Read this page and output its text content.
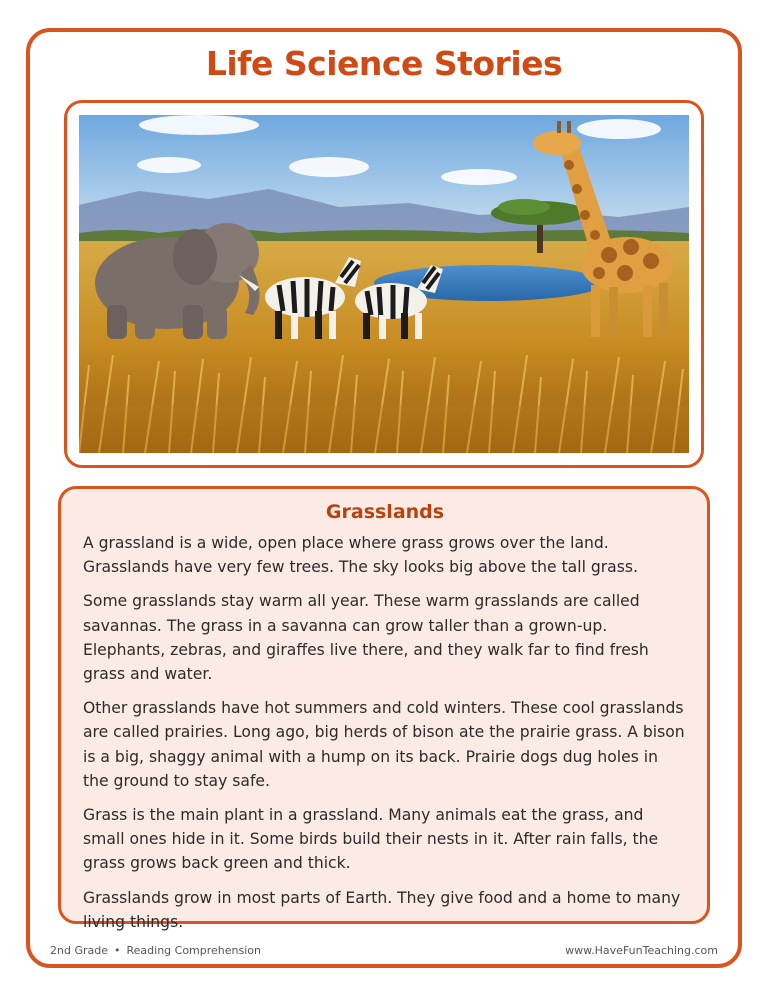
Life Science Stories
Grasslands

A grassland is a wide, open place where grass grows over the land. Grasslands have very few trees. The sky looks big above the tall grass.

Some grasslands stay warm all year. These warm grasslands are called savannas. The grass in a savanna can grow taller than a grown-up. Elephants, zebras, and giraffes live there, and they walk far to find fresh grass and water.

Other grasslands have hot summers and cold winters. These cool grasslands are called prairies. Long ago, big herds of bison ate the prairie grass. A bison is a big, shaggy animal with a hump on its back. Prairie dogs dug holes in the ground to stay safe.

Grass is the main plant in a grassland. Many animals eat the grass, and small ones hide in it. Some birds build their nests in it. After rain falls, the grass grows back green and thick.

Grasslands grow in most parts of Earth. They give food and a home to many living things.

2nd Grade • Reading Comprehension	www.HaveFunTeaching.com
